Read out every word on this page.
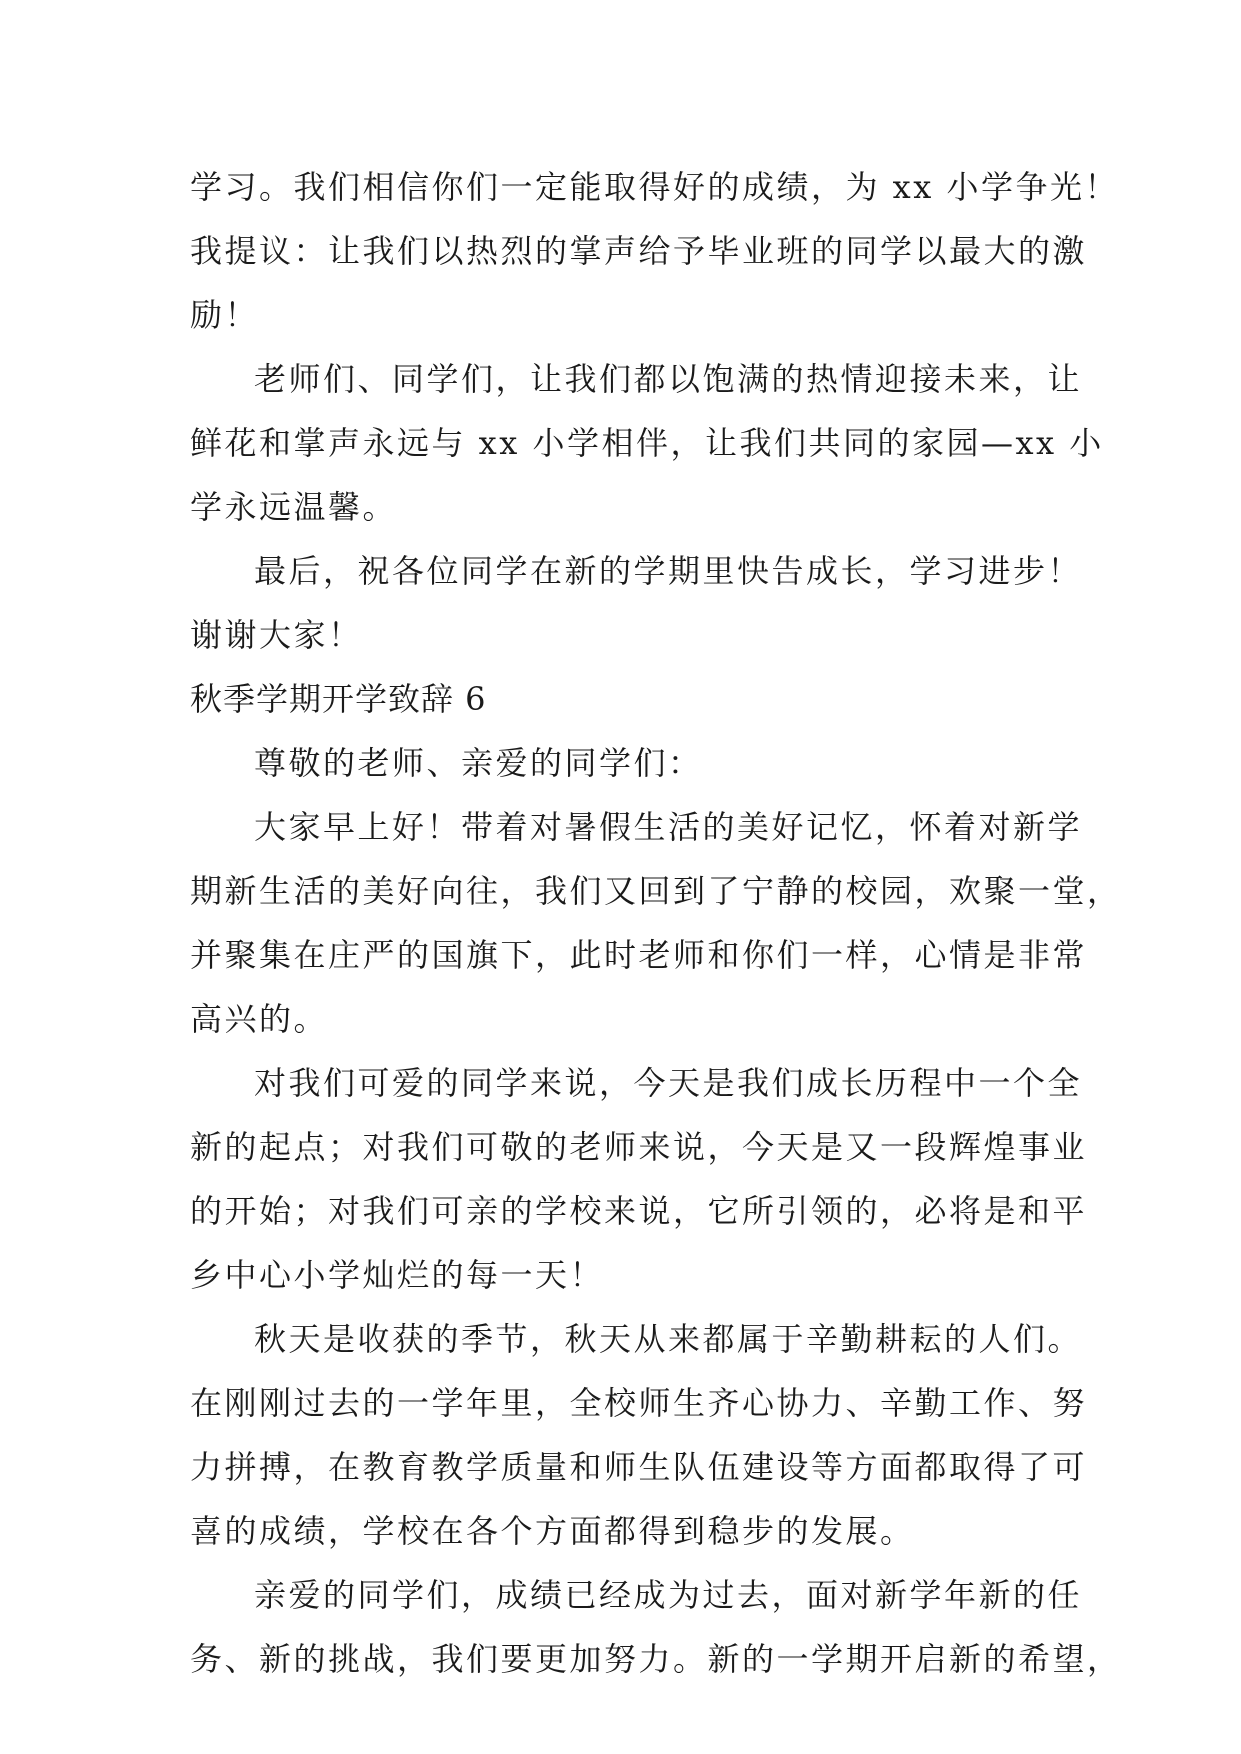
学习。我们相信你们一定能取得好的成绩，为 xx 小学争光！
我提议：让我们以热烈的掌声给予毕业班的同学以最大的激
励！
老师们、同学们，让我们都以饱满的热情迎接未来，让
鲜花和掌声永远与 xx 小学相伴，让我们共同的家园—xx 小
学永远温馨。
最后，祝各位同学在新的学期里快告成长，学习进步！
谢谢大家！
秋季学期开学致辞 6
尊敬的老师、亲爱的同学们：
大家早上好！带着对暑假生活的美好记忆，怀着对新学
期新生活的美好向往，我们又回到了宁静的校园，欢聚一堂，
并聚集在庄严的国旗下，此时老师和你们一样，心情是非常
高兴的。
对我们可爱的同学来说，今天是我们成长历程中一个全
新的起点；对我们可敬的老师来说，今天是又一段辉煌事业
的开始；对我们可亲的学校来说，它所引领的，必将是和平
乡中心小学灿烂的每一天！
秋天是收获的季节，秋天从来都属于辛勤耕耘的人们。
在刚刚过去的一学年里，全校师生齐心协力、辛勤工作、努
力拼搏，在教育教学质量和师生队伍建设等方面都取得了可
喜的成绩，学校在各个方面都得到稳步的发展。
亲爱的同学们，成绩已经成为过去，面对新学年新的任
务、新的挑战，我们要更加努力。新的一学期开启新的希望，
